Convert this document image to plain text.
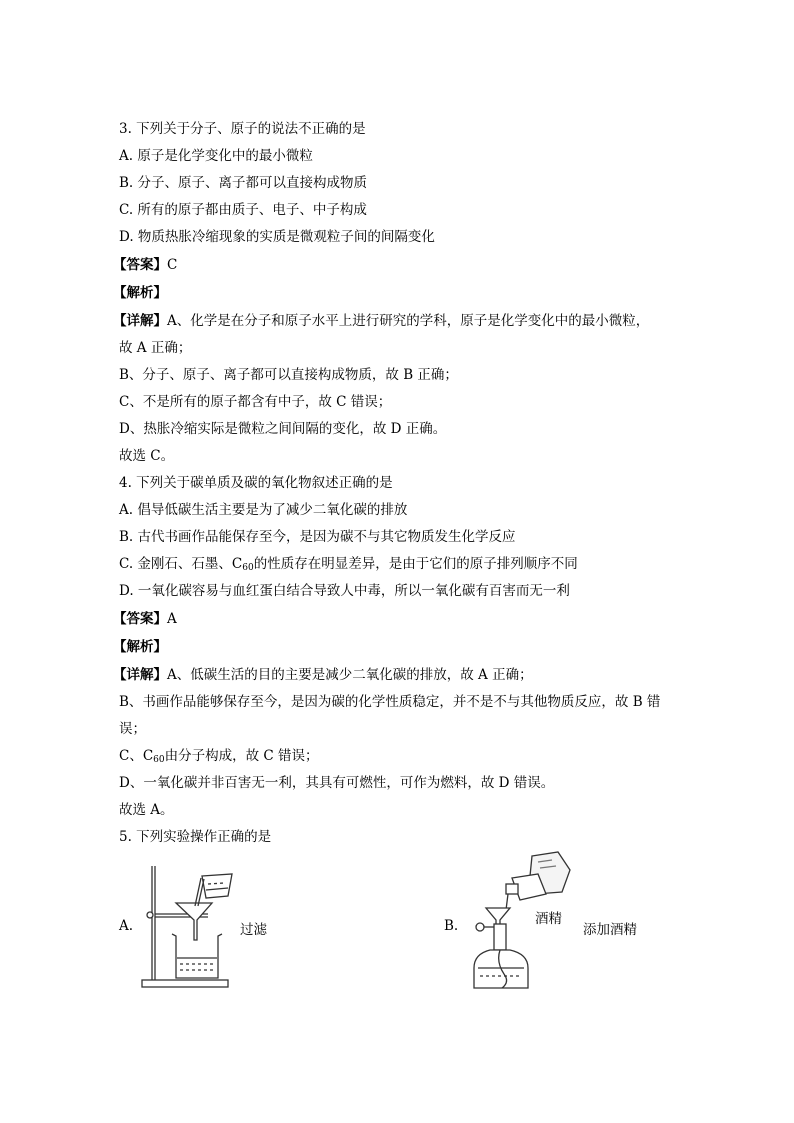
3. 下列关于分子、原子的说法不正确的是
A. 原子是化学变化中的最小微粒
B. 分子、原子、离子都可以直接构成物质
C. 所有的原子都由质子、电子、中子构成
D. 物质热胀冷缩现象的实质是微观粒子间的间隔变化
【答案】C
【解析】
【详解】A、化学是在分子和原子水平上进行研究的学科，原子是化学变化中的最小微粒，
故 A 正确；
B、分子、原子、离子都可以直接构成物质，故 B 正确；
C、不是所有的原子都含有中子，故 C 错误；
D、热胀冷缩实际是微粒之间间隔的变化，故 D 正确。
故选 C。
4. 下列关于碳单质及碳的氧化物叙述正确的是
A. 倡导低碳生活主要是为了减少二氧化碳的排放
B. 古代书画作品能保存至今，是因为碳不与其它物质发生化学反应
C. 金刚石、石墨、$C_{60}$的性质存在明显差异，是由于它们的原子排列顺序不同
D. 一氧化碳容易与血红蛋白结合导致人中毒，所以一氧化碳有百害而无一利
【答案】A
【解析】
【详解】A、低碳生活的目的主要是减少二氧化碳的排放，故 A 正确；
B、书画作品能够保存至今，是因为碳的化学性质稳定，并不是不与其他物质反应，故 B 错
误；
C、$C_{60}$由分子构成，故 C 错误；
D、一氧化碳并非百害无一利，其具有可燃性，可作为燃料，故 D 错误。
故选 A。
5. 下列实验操作正确的是
A.	过滤	B.	酒精
添加酒精
